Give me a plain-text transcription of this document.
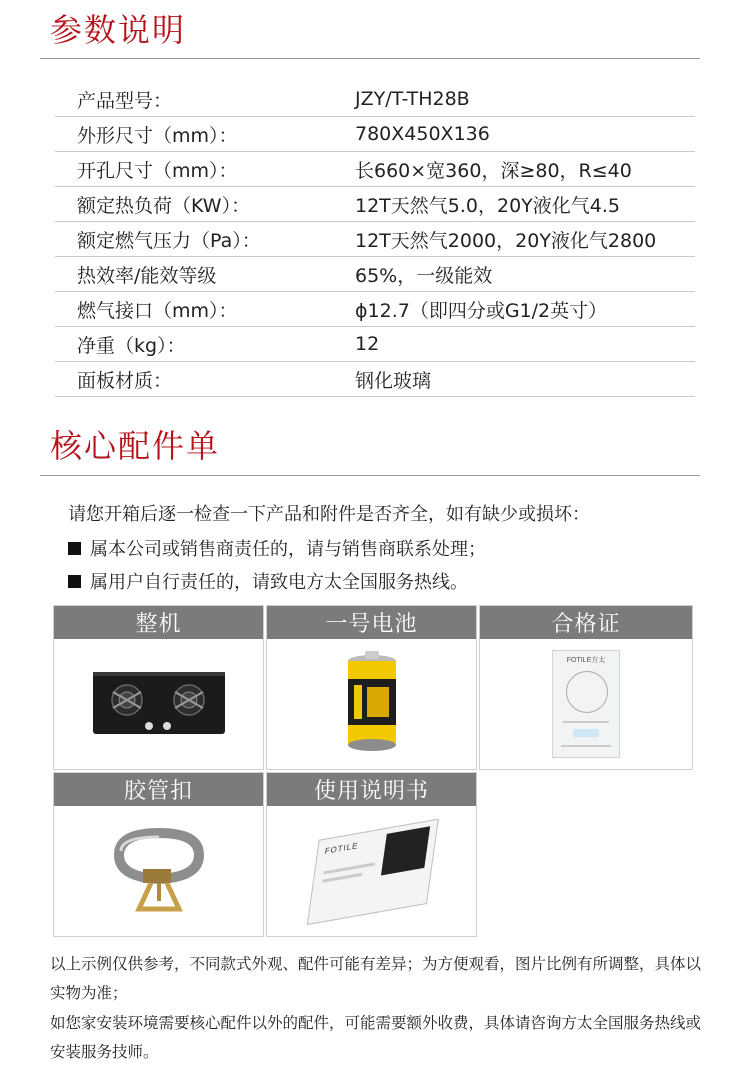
参数说明
产品型号：	JZY/T-TH28B
外形尺寸（mm）：	780X450X136
开孔尺寸（mm）：	长660×宽360，深≥80，R≤40
额定热负荷（KW）：	12T天然气5.0，20Y液化气4.5
额定燃气压力（Pa）：	12T天然气2000，20Y液化气2800
热效率/能效等级	65%，一级能效
燃气接口（mm）：	ϕ12.7（即四分或G1/2英寸）
净重（kg）：	12
面板材质：	钢化玻璃
核心配件单

请您开箱后逐一检查一下产品和附件是否齐全，如有缺少或损坏：

属本公司或销售商责任的，请与销售商联系处理；

属用户自行责任的，请致电方太全国服务热线。

整机	一号电池	合格证
FOTILE方太
胶管扣	使用说明书
FOTILE

以上示例仅供参考，不同款式外观、配件可能有差异；为方便观看，图片比例有所调整，具体以实物为准；

如您家安装环境需要核心配件以外的配件，可能需要额外收费，具体请咨询方太全国服务热线或安装服务技师。
